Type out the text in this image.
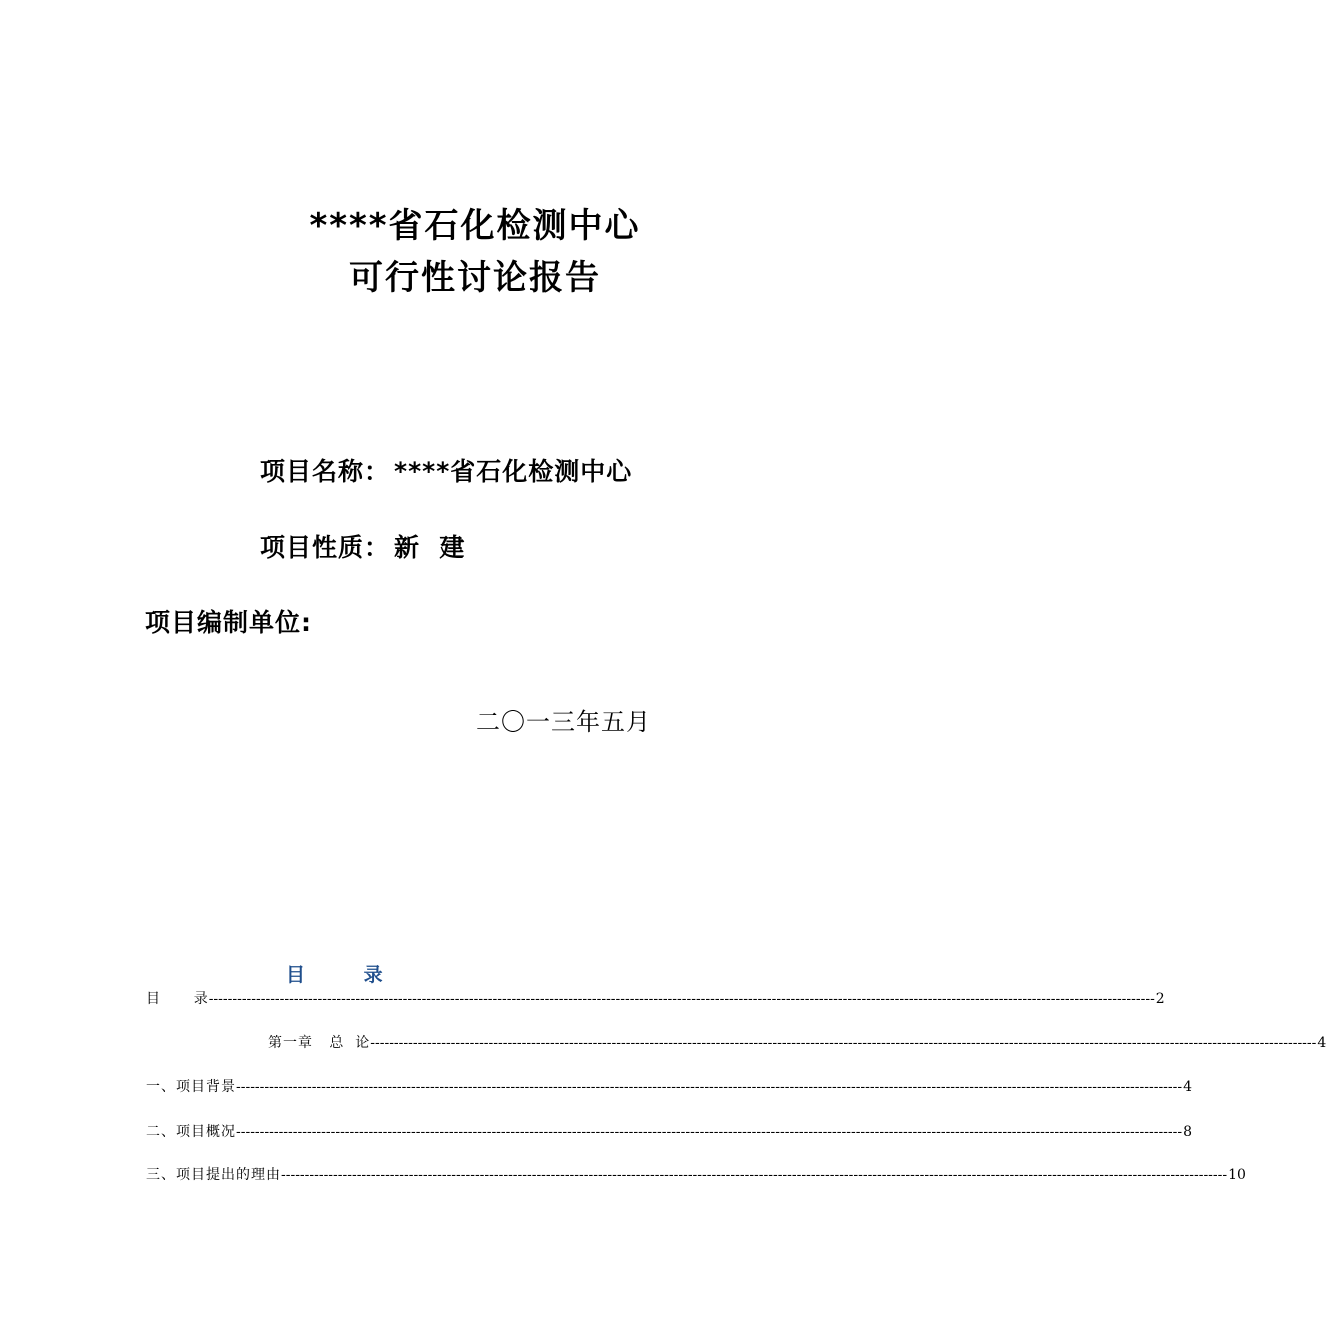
****省石化检测中心
可行性讨论报告
项目名称： ****省石化检测中心
项目性质： 新  建
项目编制单位:
二〇一三年五月
目 录
目      录 -------------------------------------------------------------------------------------------------------------------------------------------------------------------------------------------------------- 2
第一章   总  论 -------------------------------------------------------------------------------------------------------------------------------------------------------------------------------------------------------- 4
一、项目背景 -------------------------------------------------------------------------------------------------------------------------------------------------------------------------------------------------------- 4
二、项目概况 -------------------------------------------------------------------------------------------------------------------------------------------------------------------------------------------------------- 8
三、项目提出的理由 -------------------------------------------------------------------------------------------------------------------------------------------------------------------------------------------------------- 10
